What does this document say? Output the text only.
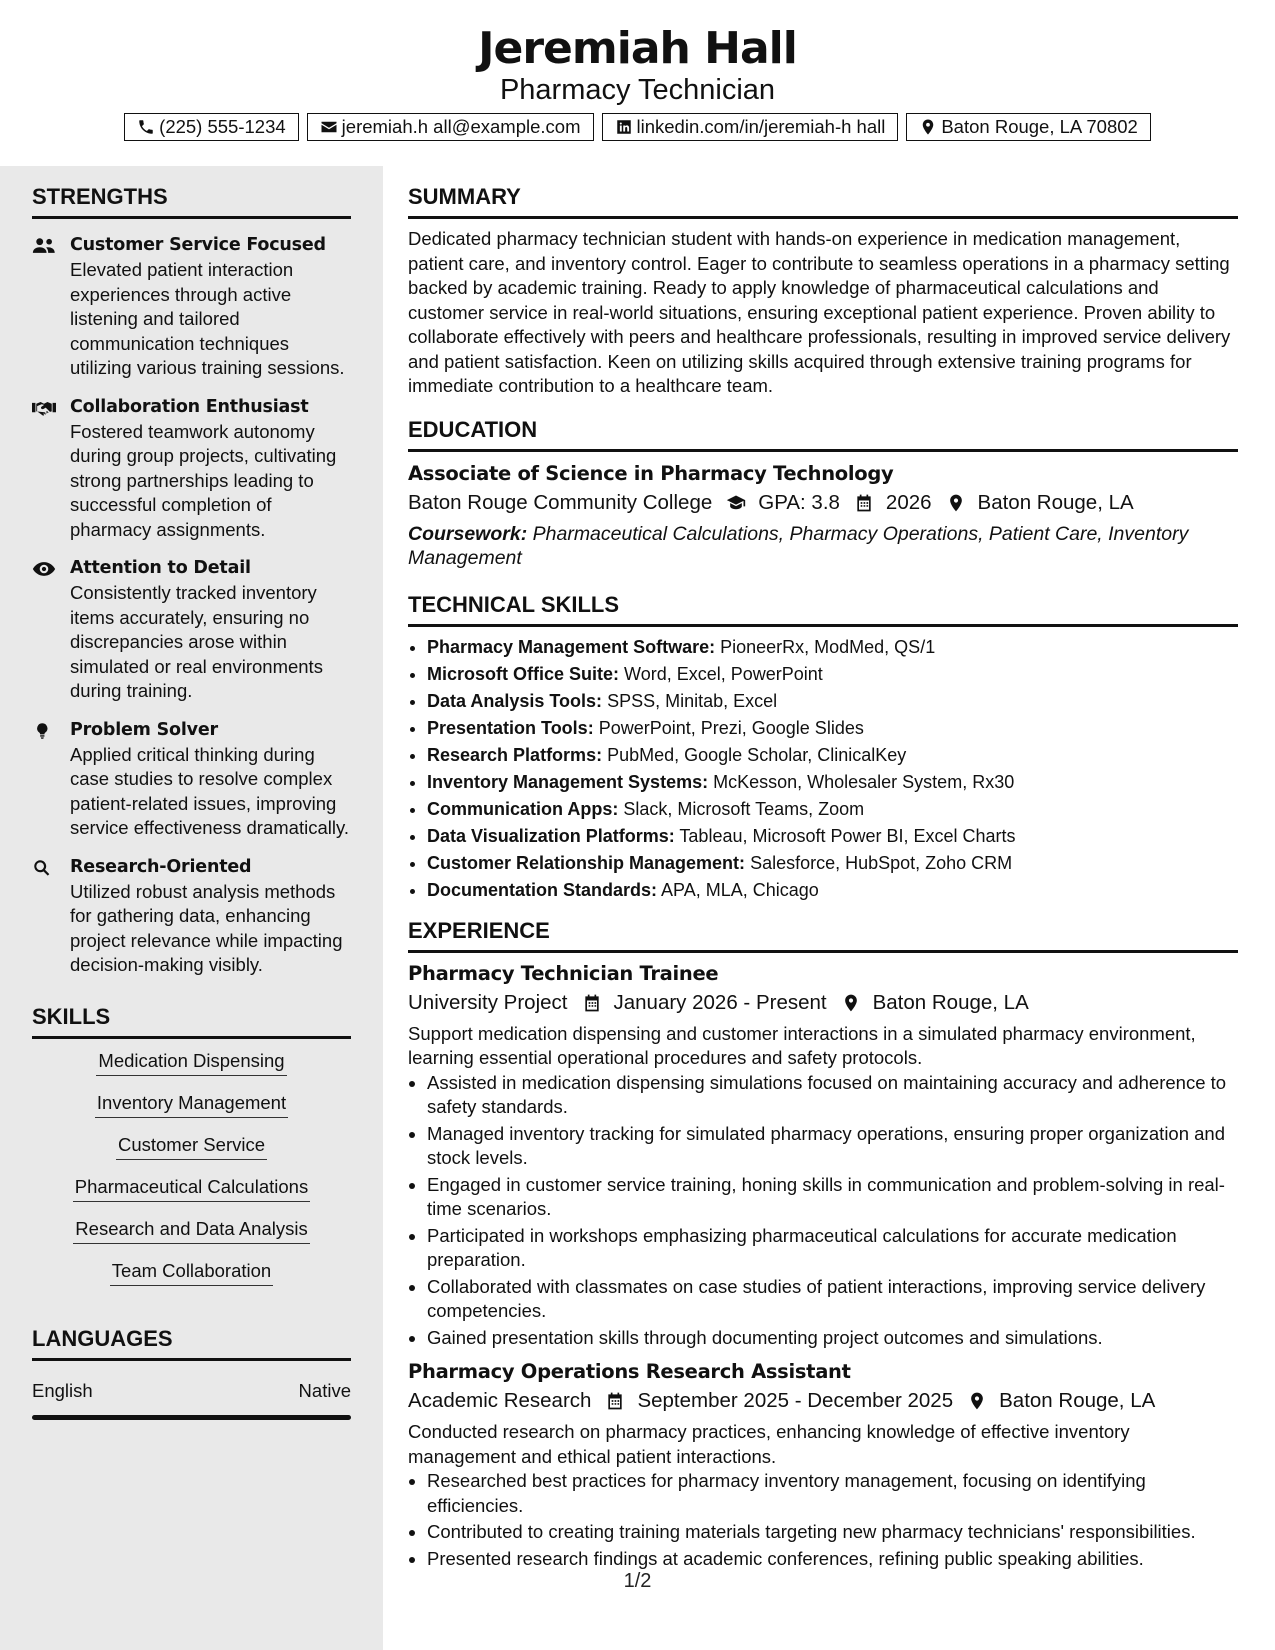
Jeremiah Hall
Pharmacy Technician
(225) 555-1234	jeremiah.h all@example.com	linkedin.com/in/jeremiah-h hall	Baton Rouge, LA 70802
STRENGTHS
Customer Service Focused
Elevated patient interaction experiences through active listening and tailored communication techniques utilizing various training sessions.
Collaboration Enthusiast
Fostered teamwork autonomy during group projects, cultivating strong partnerships leading to successful completion of pharmacy assignments.
Attention to Detail
Consistently tracked inventory items accurately, ensuring no discrepancies arose within simulated or real environments during training.
Problem Solver
Applied critical thinking during case studies to resolve complex patient-related issues, improving service effectiveness dramatically.
Research-Oriented
Utilized robust analysis methods for gathering data, enhancing project relevance while impacting decision-making visibly.
SKILLS
Medication Dispensing
Inventory Management
Customer Service
Pharmaceutical Calculations
Research and Data Analysis
Team Collaboration
LANGUAGES
English	Native
SUMMARY

Dedicated pharmacy technician student with hands-on experience in medication management, patient care, and inventory control. Eager to contribute to seamless operations in a pharmacy setting backed by academic training. Ready to apply knowledge of pharmaceutical calculations and customer service in real-world situations, ensuring exceptional patient experience. Proven ability to collaborate effectively with peers and healthcare professionals, resulting in improved service delivery and patient satisfaction. Keen on utilizing skills acquired through extensive training programs for immediate contribution to a healthcare team.

EDUCATION
Associate of Science in Pharmacy Technology
Baton Rouge Community College GPA: 3.8 2026 Baton Rouge, LA
Coursework: Pharmaceutical Calculations, Pharmacy Operations, Patient Care, Inventory Management
TECHNICAL SKILLS
• Pharmacy Management Software: PioneerRx, ModMed, QS/1
• Microsoft Office Suite: Word, Excel, PowerPoint
• Data Analysis Tools: SPSS, Minitab, Excel
• Presentation Tools: PowerPoint, Prezi, Google Slides
• Research Platforms: PubMed, Google Scholar, ClinicalKey
• Inventory Management Systems: McKesson, Wholesaler System, Rx30
• Communication Apps: Slack, Microsoft Teams, Zoom
• Data Visualization Platforms: Tableau, Microsoft Power BI, Excel Charts
• Customer Relationship Management: Salesforce, HubSpot, Zoho CRM
• Documentation Standards: APA, MLA, Chicago
EXPERIENCE
Pharmacy Technician Trainee
University Project January 2026 - Present Baton Rouge, LA

Support medication dispensing and customer interactions in a simulated pharmacy environment, learning essential operational procedures and safety protocols.

• Assisted in medication dispensing simulations focused on maintaining accuracy and adherence to safety standards.
• Managed inventory tracking for simulated pharmacy operations, ensuring proper organization and stock levels.
• Engaged in customer service training, honing skills in communication and problem-solving in real-time scenarios.
• Participated in workshops emphasizing pharmaceutical calculations for accurate medication preparation.
• Collaborated with classmates on case studies of patient interactions, improving service delivery competencies.
• Gained presentation skills through documenting project outcomes and simulations.
Pharmacy Operations Research Assistant
Academic Research September 2025 - December 2025 Baton Rouge, LA

Conducted research on pharmacy practices, enhancing knowledge of effective inventory management and ethical patient interactions.

• Researched best practices for pharmacy inventory management, focusing on identifying efficiencies.
• Contributed to creating training materials targeting new pharmacy technicians' responsibilities.
• Presented research findings at academic conferences, refining public speaking abilities.
1/2
